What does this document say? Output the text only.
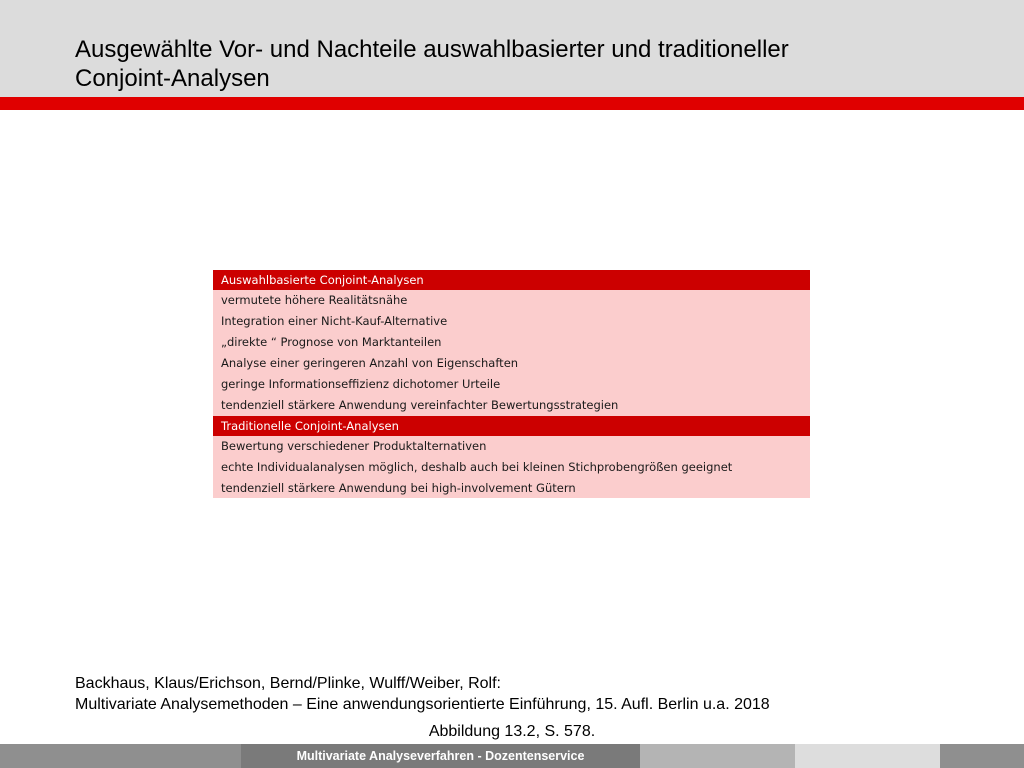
Ausgewählte Vor- und Nachteile auswahlbasierter und traditioneller
Conjoint-Analysen
Auswahlbasierte Conjoint-Analysen
vermutete höhere Realitätsnähe
Integration einer Nicht-Kauf-Alternative
„direkte “ Prognose von Marktanteilen
Analyse einer geringeren Anzahl von Eigenschaften
geringe Informationseffizienz dichotomer Urteile
tendenziell stärkere Anwendung vereinfachter Bewertungsstrategien
Traditionelle Conjoint-Analysen
Bewertung verschiedener Produktalternativen
echte Individualanalysen möglich, deshalb auch bei kleinen Stichprobengrößen geeignet
tendenziell stärkere Anwendung bei high-involvement Gütern
Backhaus, Klaus/Erichson, Bernd/Plinke, Wulff/Weiber, Rolf:
Multivariate Analysemethoden – Eine anwendungsorientierte Einführung, 15. Aufl. Berlin u.a. 2018
Abbildung 13.2, S. 578.
Multivariate Analyseverfahren - Dozentenservice
